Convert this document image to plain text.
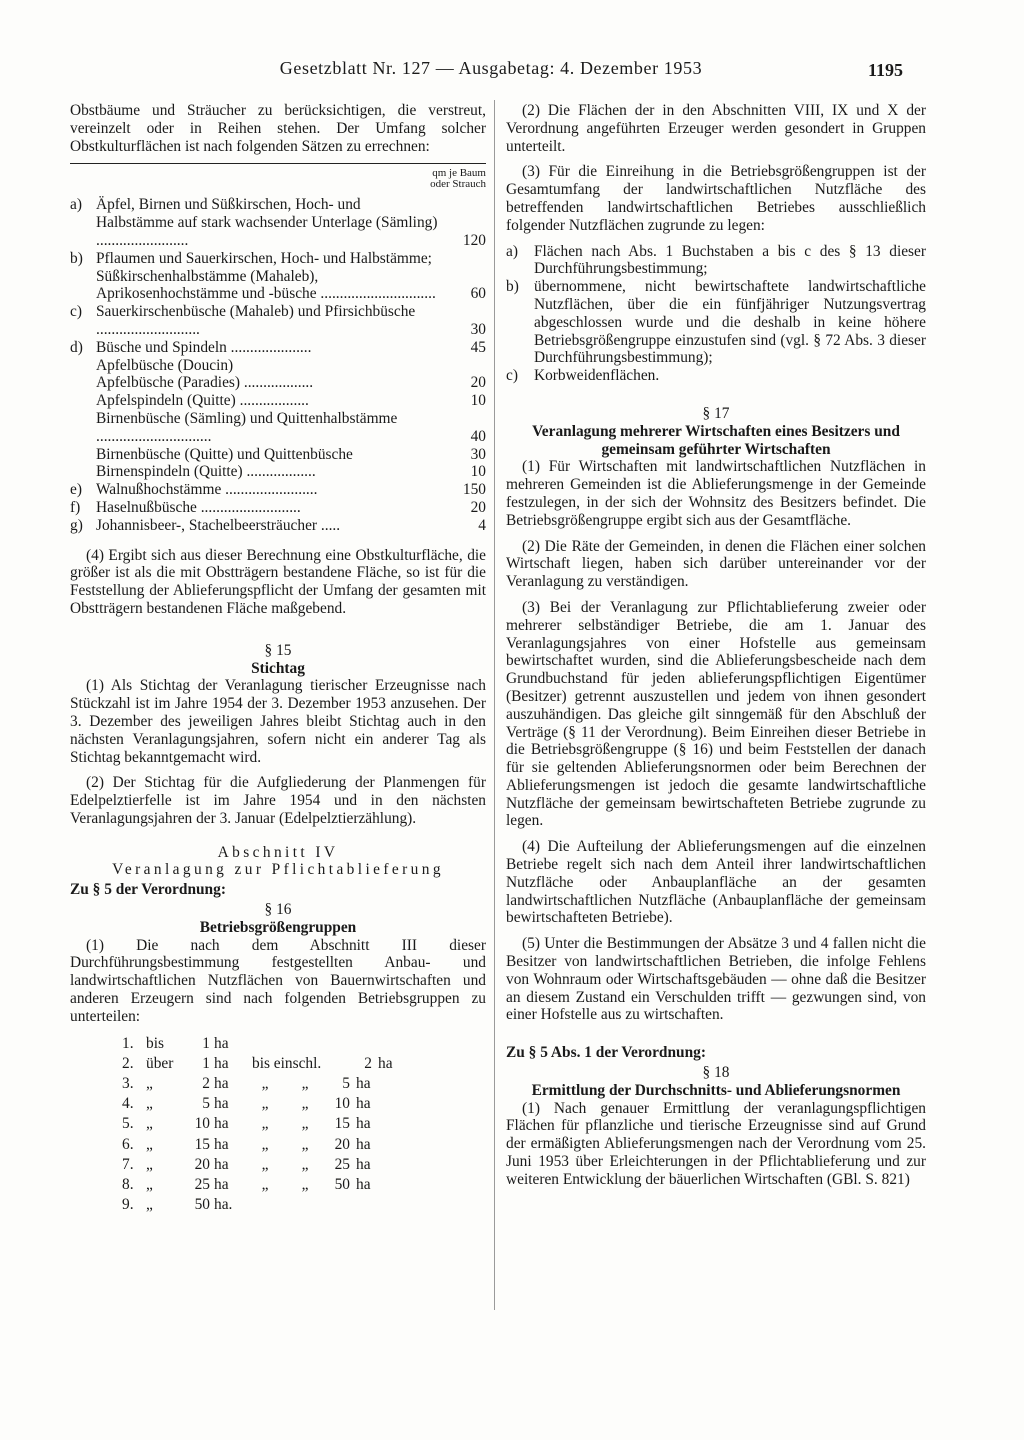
Gesetzblatt Nr. 127 — Ausgabetag: 4. Dezember 1953	1195

Obstbäume und Sträucher zu berücksichtigen, die verstreut, vereinzelt oder in Reihen stehen. Der Umfang solcher Obstkulturflächen ist nach folgenden Sätzen zu errechnen:

qm je Baum
oder Strauch
a) Äpfel, Birnen und Süßkirschen, Hoch- und Halbstämme auf stark wachsender Unterlage (Sämling) ........................	120
b) Pflaumen und Sauerkirschen, Hoch- und Halbstämme; Süßkirschenhalbstämme (Mahaleb), Aprikosenhochstämme und -büsche ..............................	60
c) Sauerkirschenbüsche (Mahaleb) und Pfirsichbüsche ...........................	30
d) Büsche und Spindeln .....................	45
Apfelbüsche (Doucin)
Apfelbüsche (Paradies) ..................	20
Apfelspindeln (Quitte) ..................	10
Birnenbüsche (Sämling) und Quittenhalbstämme ..............................	40
Birnenbüsche (Quitte) und Quittenbüsche	30
Birnenspindeln (Quitte) ..................	10
e) Walnußhochstämme ........................	150
f)	Haselnußbüsche ..........................	20
g) Johannisbeer-, Stachelbeersträucher .....	4

(4) Ergibt sich aus dieser Berechnung eine Obstkulturfläche, die größer ist als die mit Obstträgern bestandene Fläche, so ist für die Feststellung der Ablieferungspflicht der Umfang der gesamten mit Obstträgern bestandenen Fläche maßgebend.

§ 15

Stichtag

(1) Als Stichtag der Veranlagung tierischer Erzeugnisse nach Stückzahl ist im Jahre 1954 der 3. Dezember 1953 anzusehen. Der 3. Dezember des jeweiligen Jahres bleibt Stichtag auch in den nächsten Veranlagungsjahren, sofern nicht ein anderer Tag als Stichtag bekanntgemacht wird.

(2) Der Stichtag für die Aufgliederung der Planmengen für Edelpelztierfelle ist im Jahre 1954 und in den nächsten Veranlagungsjahren der 3. Januar (Edelpelztierzählung).

Abschnitt IV

Veranlagung zur Pflichtablieferung

Zu § 5 der Verordnung:

§ 16

Betriebsgrößengruppen

(1) Die nach dem Abschnitt III dieser Durchführungsbestimmung festgestellten Anbau- und landwirtschaftlichen Nutzflächen von Bauernwirtschaften und anderen Erzeugern sind nach folgenden Betriebsgruppen zu unterteilen:

1. bis	1 ha
2. über	1 ha	bis einschl.	2 ha
3. „	2 ha	„	„	5 ha
4. „	5 ha	„	„	10 ha
5. „	10 ha	„	„	15 ha
6. „	15 ha	„	„	20 ha
7. „	20 ha	„	„	25 ha
8. „	25 ha	„	„	50 ha
9. „	50 ha.

(2) Die Flächen der in den Abschnitten VIII, IX und X der Verordnung angeführten Erzeuger werden gesondert in Gruppen unterteilt.

(3) Für die Einreihung in die Betriebsgrößengruppen ist der Gesamtumfang der landwirtschaftlichen Nutzfläche des betreffenden landwirtschaftlichen Betriebes ausschließlich folgender Nutzflächen zugrunde zu legen:

a)	Flächen nach Abs. 1 Buchstaben a bis c des § 13 dieser Durchführungsbestimmung;
b) übernommene, nicht bewirtschaftete landwirtschaftliche Nutzflächen, über die ein fünfjähriger Nutzungsvertrag abgeschlossen wurde und die deshalb in keine höhere Betriebsgrößengruppe einzustufen sind (vgl. § 72 Abs. 3 dieser Durchführungsbestimmung);
c)	Korbweidenflächen.

§ 17

Veranlagung mehrerer Wirtschaften eines Besitzers und gemeinsam geführter Wirtschaften

(1) Für Wirtschaften mit landwirtschaftlichen Nutzflächen in mehreren Gemeinden ist die Ablieferungsmenge in der Gemeinde festzulegen, in der sich der Wohnsitz des Besitzers befindet. Die Betriebsgrößengruppe ergibt sich aus der Gesamtfläche.

(2) Die Räte der Gemeinden, in denen die Flächen einer solchen Wirtschaft liegen, haben sich darüber untereinander vor der Veranlagung zu verständigen.

(3) Bei der Veranlagung zur Pflichtablieferung zweier oder mehrerer selbständiger Betriebe, die am 1. Januar des Veranlagungsjahres von einer Hofstelle aus gemeinsam bewirtschaftet wurden, sind die Ablieferungsbescheide nach dem Grundbuchstand für jeden ablieferungspflichtigen Eigentümer (Besitzer) getrennt auszustellen und jedem von ihnen gesondert auszuhändigen. Das gleiche gilt sinngemäß für den Abschluß der Verträge (§ 11 der Verordnung). Beim Einreihen dieser Betriebe in die Betriebsgrößengruppe (§ 16) und beim Feststellen der danach für sie geltenden Ablieferungsnormen oder beim Berechnen der Ablieferungsmengen ist jedoch die gesamte landwirtschaftliche Nutzfläche der gemeinsam bewirtschafteten Betriebe zugrunde zu legen.

(4) Die Aufteilung der Ablieferungsmengen auf die einzelnen Betriebe regelt sich nach dem Anteil ihrer landwirtschaftlichen Nutzfläche oder Anbauplanfläche an der gesamten landwirtschaftlichen Nutzfläche (Anbauplanfläche der gemeinsam bewirtschafteten Betriebe).

(5) Unter die Bestimmungen der Absätze 3 und 4 fallen nicht die Besitzer von landwirtschaftlichen Betrieben, die infolge Fehlens von Wohnraum oder Wirtschaftsgebäuden — ohne daß die Besitzer an diesem Zustand ein Verschulden trifft — gezwungen sind, von einer Hofstelle aus zu wirtschaften.

Zu § 5 Abs. 1 der Verordnung:

§ 18

Ermittlung der Durchschnitts- und Ablieferungsnormen

(1) Nach genauer Ermittlung der veranlagungspflichtigen Flächen für pflanzliche und tierische Erzeugnisse sind auf Grund der ermäßigten Ablieferungsmengen nach der Verordnung vom 25. Juni 1953 über Erleichterungen in der Pflichtablieferung und zur weiteren Entwicklung der bäuerlichen Wirtschaften (GBl. S. 821)
